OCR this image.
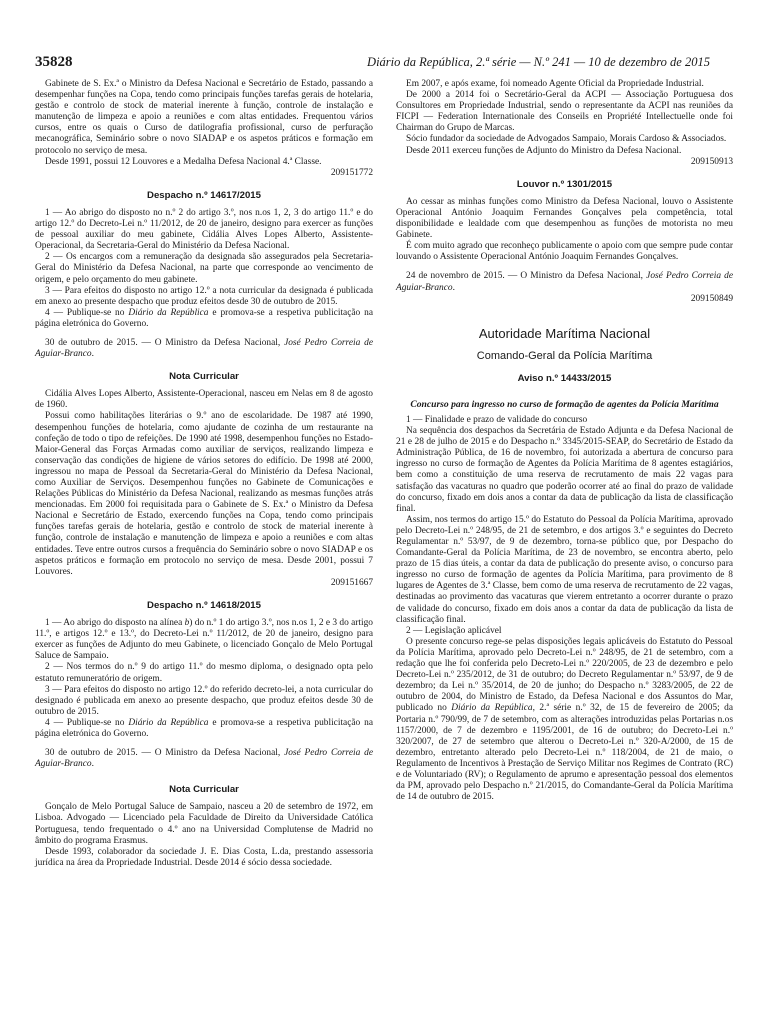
35828	Diário da República, 2.ª série — N.º 241 — 10 de dezembro de 2015

Gabinete de S. Ex.ª o Ministro da Defesa Nacional e Secretário de Estado, passando a desempenhar funções na Copa, tendo como principais funções tarefas gerais de hotelaria, gestão e controlo de stock de material inerente à função, controle de instalação e manutenção de limpeza e apoio a reuniões e com altas entidades. Frequentou vários cursos, entre os quais o Curso de datilografia profissional, curso de perfuração mecanográfica, Seminário sobre o novo SIADAP e os aspetos práticos e formação em protocolo no serviço de mesa.

Desde 1991, possui 12 Louvores e a Medalha Defesa Nacional 4.ª Classe.

209151772

Despacho n.º 14617/2015

1 — Ao abrigo do disposto no n.º 2 do artigo 3.º, nos n.os 1, 2, 3 do artigo 11.º e do artigo 12.º do Decreto-Lei n.º 11/2012, de 20 de janeiro, designo para exercer as funções de pessoal auxiliar do meu gabinete, Cidália Alves Lopes Alberto, Assistente-Operacional, da Secretaria-Geral do Ministério da Defesa Nacional.

2 — Os encargos com a remuneração da designada são assegurados pela Secretaria-Geral do Ministério da Defesa Nacional, na parte que corresponde ao vencimento de origem, e pelo orçamento do meu gabinete.

3 — Para efeitos do disposto no artigo 12.º a nota curricular da designada é publicada em anexo ao presente despacho que produz efeitos desde 30 de outubro de 2015.

4 — Publique-se no Diário da República e promova-se a respetiva publicitação na página eletrónica do Governo.

30 de outubro de 2015. — O Ministro da Defesa Nacional, José Pedro Correia de Aguiar-Branco.

Nota Curricular

Cidália Alves Lopes Alberto, Assistente-Operacional, nasceu em Nelas em 8 de agosto de 1960.

Possui como habilitações literárias o 9.º ano de escolaridade. De 1987 até 1990, desempenhou funções de hotelaria, como ajudante de cozinha de um restaurante na confeção de todo o tipo de refeições. De 1990 até 1998, desempenhou funções no Estado-Maior-General das Forças Armadas como auxiliar de serviços, realizando limpeza e conservação das condições de higiene de vários setores do edifício. De 1998 até 2000, ingressou no mapa de Pessoal da Secretaria-Geral do Ministério da Defesa Nacional, como Auxiliar de Serviços. Desempenhou funções no Gabinete de Comunicações e Relações Públicas do Ministério da Defesa Nacional, realizando as mesmas funções atrás mencionadas. Em 2000 foi requisitada para o Gabinete de S. Ex.ª o Ministro da Defesa Nacional e Secretário de Estado, exercendo funções na Copa, tendo como principais funções tarefas gerais de hotelaria, gestão e controlo de stock de material inerente à função, controle de instalação e manutenção de limpeza e apoio a reuniões e com altas entidades. Teve entre outros cursos a frequência do Seminário sobre o novo SIADAP e os aspetos práticos e formação em protocolo no serviço de mesa. Desde 2001, possui 7 Louvores.

209151667

Despacho n.º 14618/2015

1 — Ao abrigo do disposto na alínea b) do n.º 1 do artigo 3.º, nos n.os 1, 2 e 3 do artigo 11.º, e artigos 12.º e 13.º, do Decreto-Lei n.º 11/2012, de 20 de janeiro, designo para exercer as funções de Adjunto do meu Gabinete, o licenciado Gonçalo de Melo Portugal Saluce de Sampaio.

2 — Nos termos do n.º 9 do artigo 11.º do mesmo diploma, o designado opta pelo estatuto remuneratório de origem.

3 — Para efeitos do disposto no artigo 12.º do referido decreto-lei, a nota curricular do designado é publicada em anexo ao presente despacho, que produz efeitos desde 30 de outubro de 2015.

4 — Publique-se no Diário da República e promova-se a respetiva publicitação na página eletrónica do Governo.

30 de outubro de 2015. — O Ministro da Defesa Nacional, José Pedro Correia de Aguiar-Branco.

Nota Curricular

Gonçalo de Melo Portugal Saluce de Sampaio, nasceu a 20 de setembro de 1972, em Lisboa. Advogado — Licenciado pela Faculdade de Direito da Universidade Católica Portuguesa, tendo frequentado o 4.º ano na Universidad Complutense de Madrid no âmbito do programa Erasmus.

Desde 1993, colaborador da sociedade J. E. Dias Costa, L.da, prestando assessoria jurídica na área da Propriedade Industrial. Desde 2014 é sócio dessa sociedade.

Em 2007, e após exame, foi nomeado Agente Oficial da Propriedade Industrial.

De 2000 a 2014 foi o Secretário-Geral da ACPI — Associação Portuguesa dos Consultores em Propriedade Industrial, sendo o representante da ACPI nas reuniões da FICPI — Federation Internationale des Conseils en Propriété Intellectuelle onde foi Chairman do Grupo de Marcas.

Sócio fundador da sociedade de Advogados Sampaio, Morais Cardoso & Associados.

Desde 2011 exerceu funções de Adjunto do Ministro da Defesa Nacional.

209150913

Louvor n.º 1301/2015

Ao cessar as minhas funções como Ministro da Defesa Nacional, louvo o Assistente Operacional António Joaquim Fernandes Gonçalves pela competência, total disponibilidade e lealdade com que desempenhou as funções de motorista no meu Gabinete.

É com muito agrado que reconheço publicamente o apoio com que sempre pude contar louvando o Assistente Operacional António Joaquim Fernandes Gonçalves.

24 de novembro de 2015. — O Ministro da Defesa Nacional, José Pedro Correia de Aguiar-Branco.

209150849

Autoridade Marítima Nacional
Comando-Geral da Polícia Marítima
Aviso n.º 14433/2015
Concurso para ingresso no curso de formação de agentes da Polícia Marítima

1 — Finalidade e prazo de validade do concurso

Na sequência dos despachos da Secretária de Estado Adjunta e da Defesa Nacional de 21 e 28 de julho de 2015 e do Despacho n.º 3345/2015-SEAP, do Secretário de Estado da Administração Pública, de 16 de novembro, foi autorizada a abertura de concurso para ingresso no curso de formação de Agentes da Polícia Marítima de 8 agentes estagiários, bem como a constituição de uma reserva de recrutamento de mais 22 vagas para satisfação das vacaturas no quadro que poderão ocorrer até ao final do prazo de validade do concurso, fixado em dois anos a contar da data de publicação da lista de classificação final.

Assim, nos termos do artigo 15.º do Estatuto do Pessoal da Polícia Marítima, aprovado pelo Decreto-Lei n.º 248/95, de 21 de setembro, e dos artigos 3.º e seguintes do Decreto Regulamentar n.º 53/97, de 9 de dezembro, torna-se público que, por Despacho do Comandante-Geral da Polícia Marítima, de 23 de novembro, se encontra aberto, pelo prazo de 15 dias úteis, a contar da data de publicação do presente aviso, o concurso para ingresso no curso de formação de agentes da Polícia Marítima, para provimento de 8 lugares de Agentes de 3.ª Classe, bem como de uma reserva de recrutamento de 22 vagas, destinadas ao provimento das vacaturas que vierem entretanto a ocorrer durante o prazo de validade do concurso, fixado em dois anos a contar da data de publicação da lista de classificação final.

2 — Legislação aplicável

O presente concurso rege-se pelas disposições legais aplicáveis do Estatuto do Pessoal da Polícia Marítima, aprovado pelo Decreto-Lei n.º 248/95, de 21 de setembro, com a redação que lhe foi conferida pelo Decreto-Lei n.º 220/2005, de 23 de dezembro e pelo Decreto-Lei n.º 235/2012, de 31 de outubro; do Decreto Regulamentar n.º 53/97, de 9 de dezembro; da Lei n.º 35/2014, de 20 de junho; do Despacho n.º 3283/2005, de 22 de outubro de 2004, do Ministro de Estado, da Defesa Nacional e dos Assuntos do Mar, publicado no Diário da República, 2.ª série n.º 32, de 15 de fevereiro de 2005; da Portaria n.º 790/99, de 7 de setembro, com as alterações introduzidas pelas Portarias n.os 1157/2000, de 7 de dezembro e 1195/2001, de 16 de outubro; do Decreto-Lei n.º 320/2007, de 27 de setembro que alterou o Decreto-Lei n.º 320-A/2000, de 15 de dezembro, entretanto alterado pelo Decreto-Lei n.º 118/2004, de 21 de maio, o Regulamento de Incentivos à Prestação de Serviço Militar nos Regimes de Contrato (RC) e de Voluntariado (RV); o Regulamento de aprumo e apresentação pessoal dos elementos da PM, aprovado pelo Despacho n.º 21/2015, do Comandante-Geral da Polícia Marítima de 14 de outubro de 2015.
